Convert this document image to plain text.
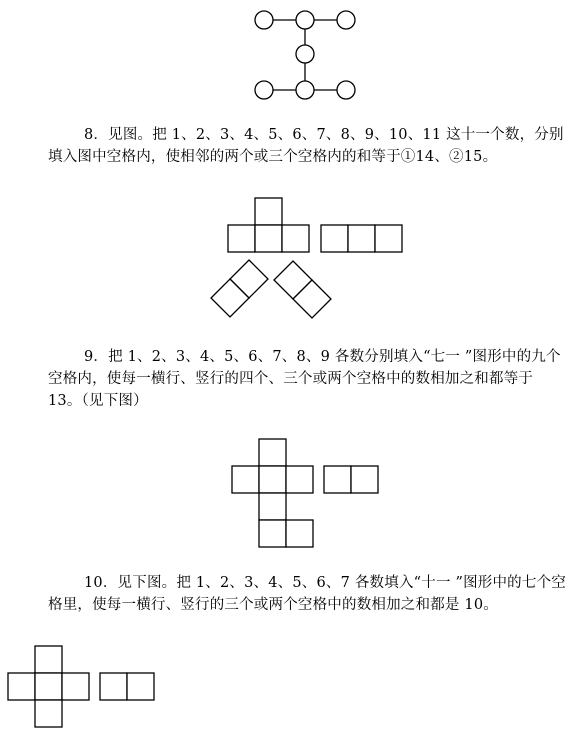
8．见图。把 1、2、3、4、5、6、7、8、9、10、11 这十一个数，分别填入图中空格内，使相邻的两个或三个空格内的和等于①14、②15。

9．把 1、2、3、4、5、6、7、8、9 各数分别填入“七一 ”图形中的九个空格内，使每一横行、竖行的四个、三个或两个空格中的数相加之和都等于 13。（见下图）

10．见下图。把 1、2、3、4、5、6、7 各数填入“十一 ”图形中的七个空格里，使每一横行、竖行的三个或两个空格中的数相加之和都是 10。
